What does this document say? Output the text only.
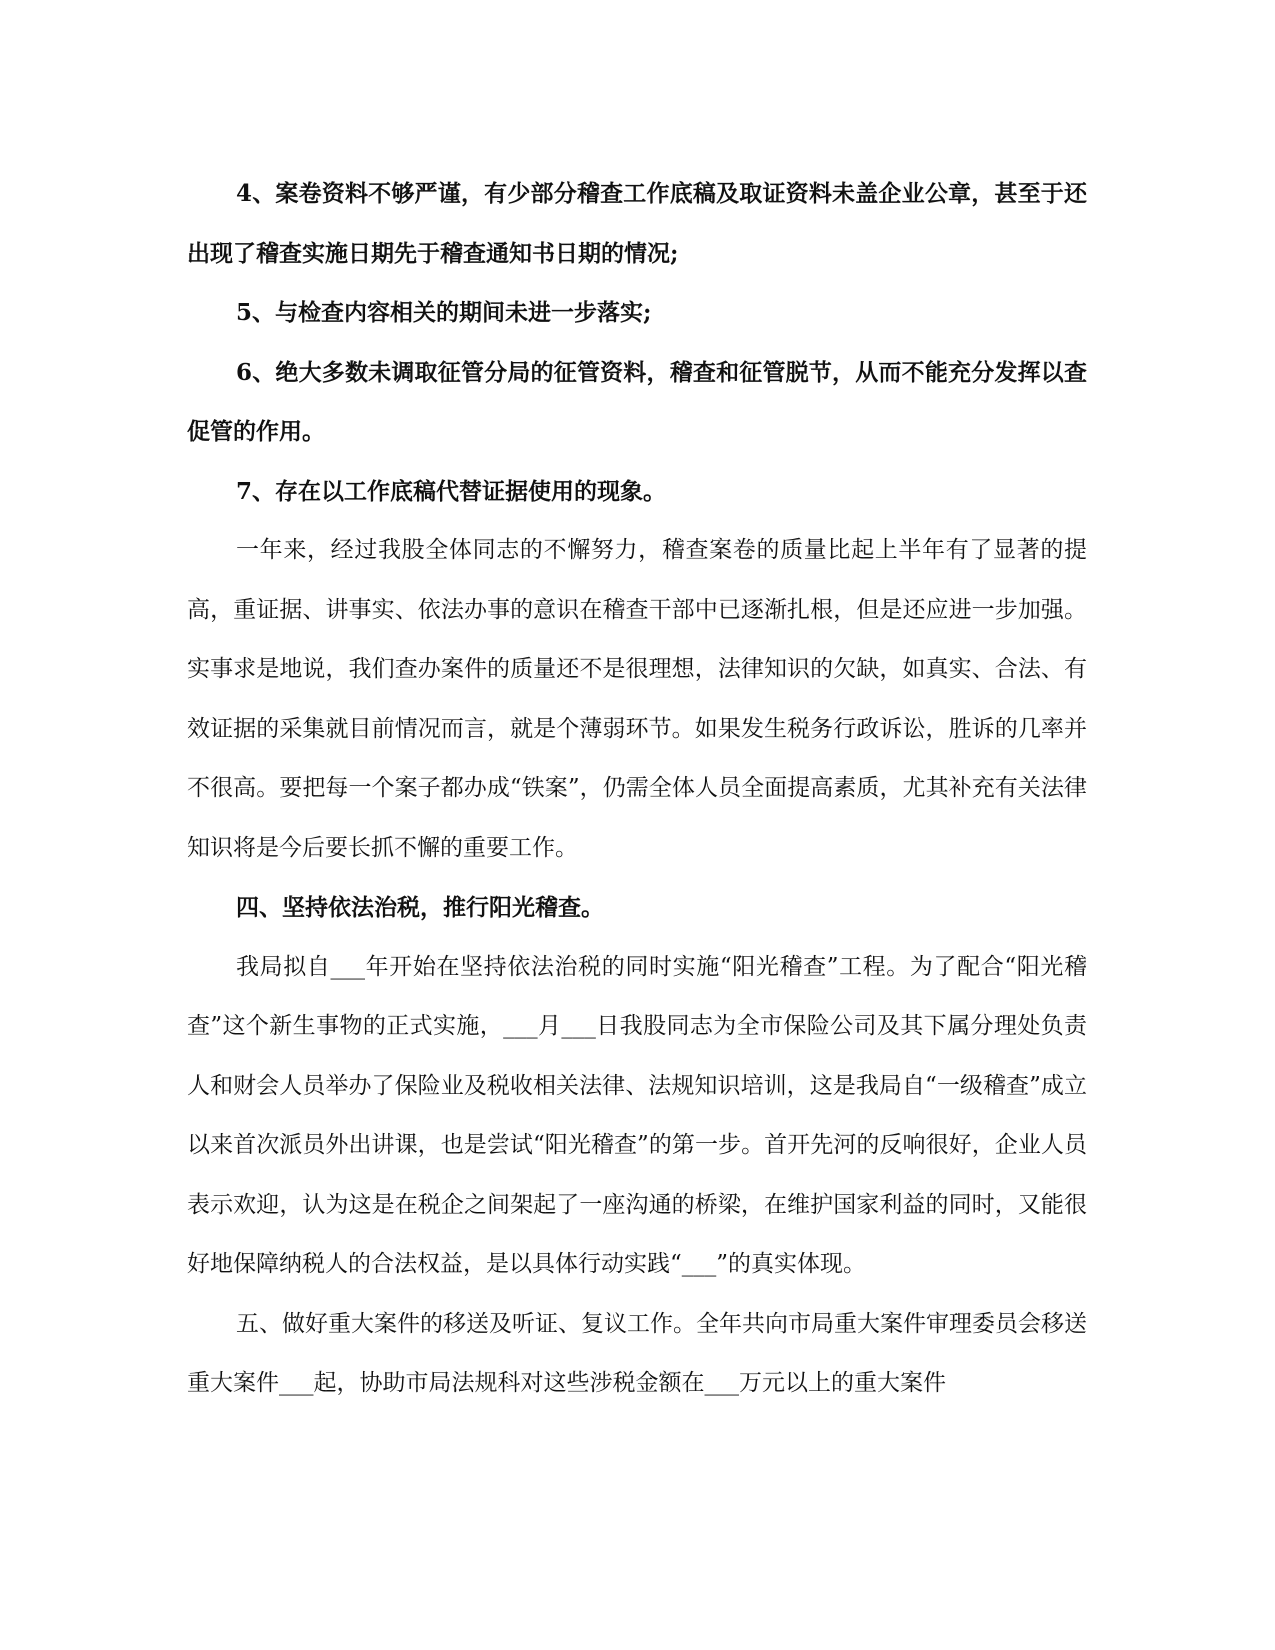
4、案卷资料不够严谨，有少部分稽查工作底稿及取证资料未盖企业公章，甚至于还出现了稽查实施日期先于稽查通知书日期的情况;

5、与检查内容相关的期间未进一步落实;

6、绝大多数未调取征管分局的征管资料，稽查和征管脱节，从而不能充分发挥以查促管的作用。

7、存在以工作底稿代替证据使用的现象。

一年来，经过我股全体同志的不懈努力，稽查案卷的质量比起上半年有了显著的提高，重证据、讲事实、依法办事的意识在稽查干部中已逐渐扎根，但是还应进一步加强。实事求是地说，我们查办案件的质量还不是很理想，法律知识的欠缺，如真实、合法、有效证据的采集就目前情况而言，就是个薄弱环节。如果发生税务行政诉讼，胜诉的几率并不很高。要把每一个案子都办成“铁案”，仍需全体人员全面提高素质，尤其补充有关法律知识将是今后要长抓不懈的重要工作。

四、坚持依法治税，推行阳光稽查。

我局拟自___年开始在坚持依法治税的同时实施“阳光稽查”工程。为了配合“阳光稽查”这个新生事物的正式实施，___月___日我股同志为全市保险公司及其下属分理处负责人和财会人员举办了保险业及税收相关法律、法规知识培训，这是我局自“一级稽查”成立以来首次派员外出讲课，也是尝试“阳光稽查”的第一步。首开先河的反响很好，企业人员表示欢迎，认为这是在税企之间架起了一座沟通的桥梁，在维护国家利益的同时，又能很好地保障纳税人的合法权益，是以具体行动实践“___”的真实体现。

五、做好重大案件的移送及听证、复议工作。全年共向市局重大案件审理委员会移送重大案件___起，协助市局法规科对这些涉税金额在___万元以上的重大案件
